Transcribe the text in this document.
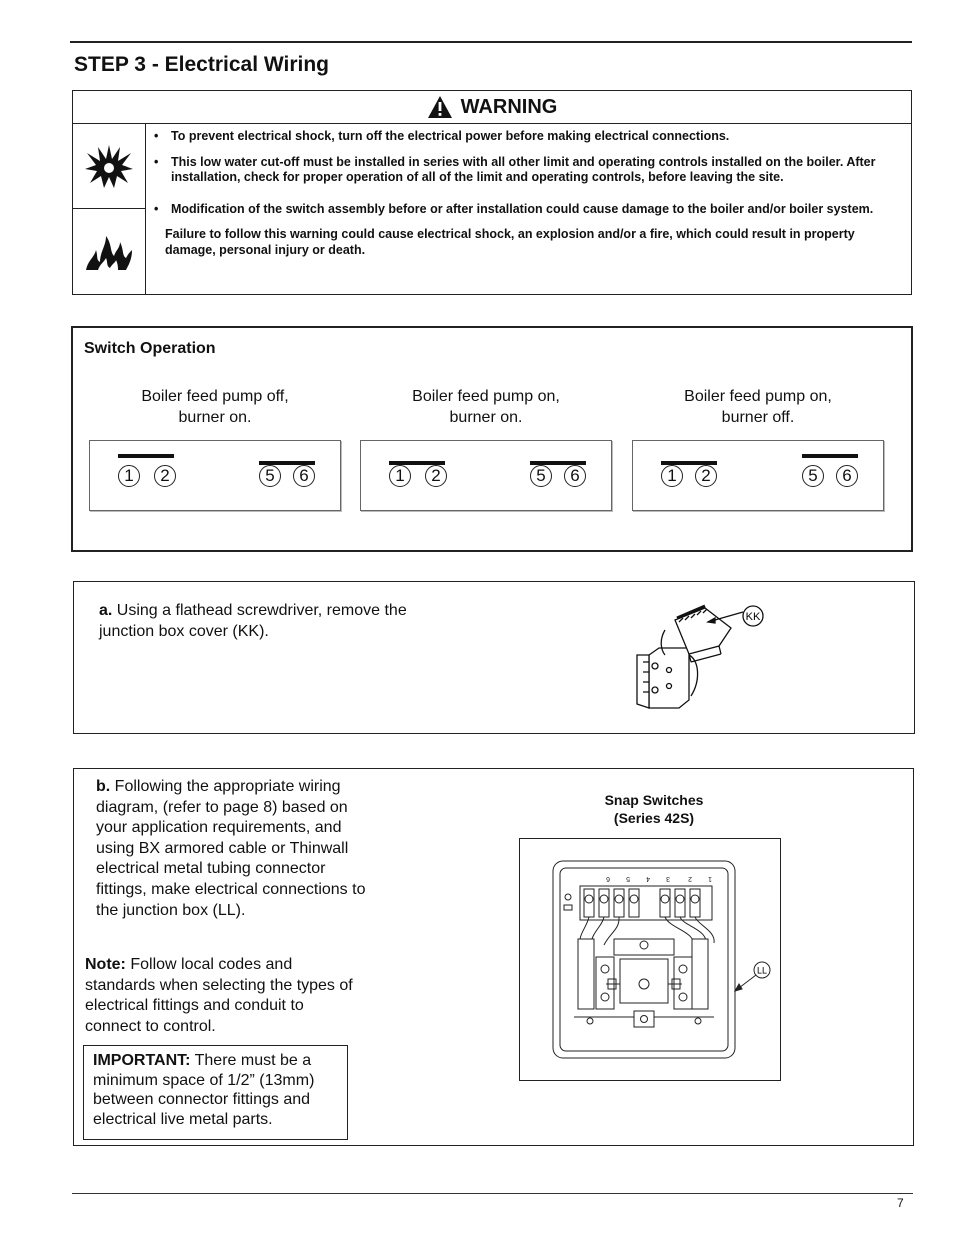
STEP 3 - Electrical Wiring
WARNING
• To prevent electrical shock, turn off the electrical power before making electrical connections.
• This low water cut-off must be installed in series with all other limit and operating controls installed on the boiler. After installation, check for proper operation of all of the limit and operating controls, before leaving the site.
• Modification of the switch assembly before or after installation could cause damage to the boiler and/or boiler system.
Failure to follow this warning could cause electrical shock, an explosion and/or a fire, which could result in property damage, personal injury or death.
Switch Operation
Boiler feed pump off,
burner on.
Boiler feed pump on,
burner on.
Boiler feed pump on,
burner off.
1	2	5	6	1	2	5	6	1	2	5	6
a. Using a flathead screwdriver, remove the junction box cover (KK).
KK
b. Following the appropriate wiring diagram, (refer to page 8) based on your application requirements, and using BX armored cable or Thinwall electrical metal tubing connector fittings, make electrical connections to the junction box (LL).
Note: Follow local codes and standards when selecting the types of electrical fittings and conduit to connect to control.
IMPORTANT: There must be a minimum space of 1/2” (13mm) between connector fittings and electrical live metal parts.
Snap Switches
(Series 42S)
6 5 4 3	2 1
LL
7
